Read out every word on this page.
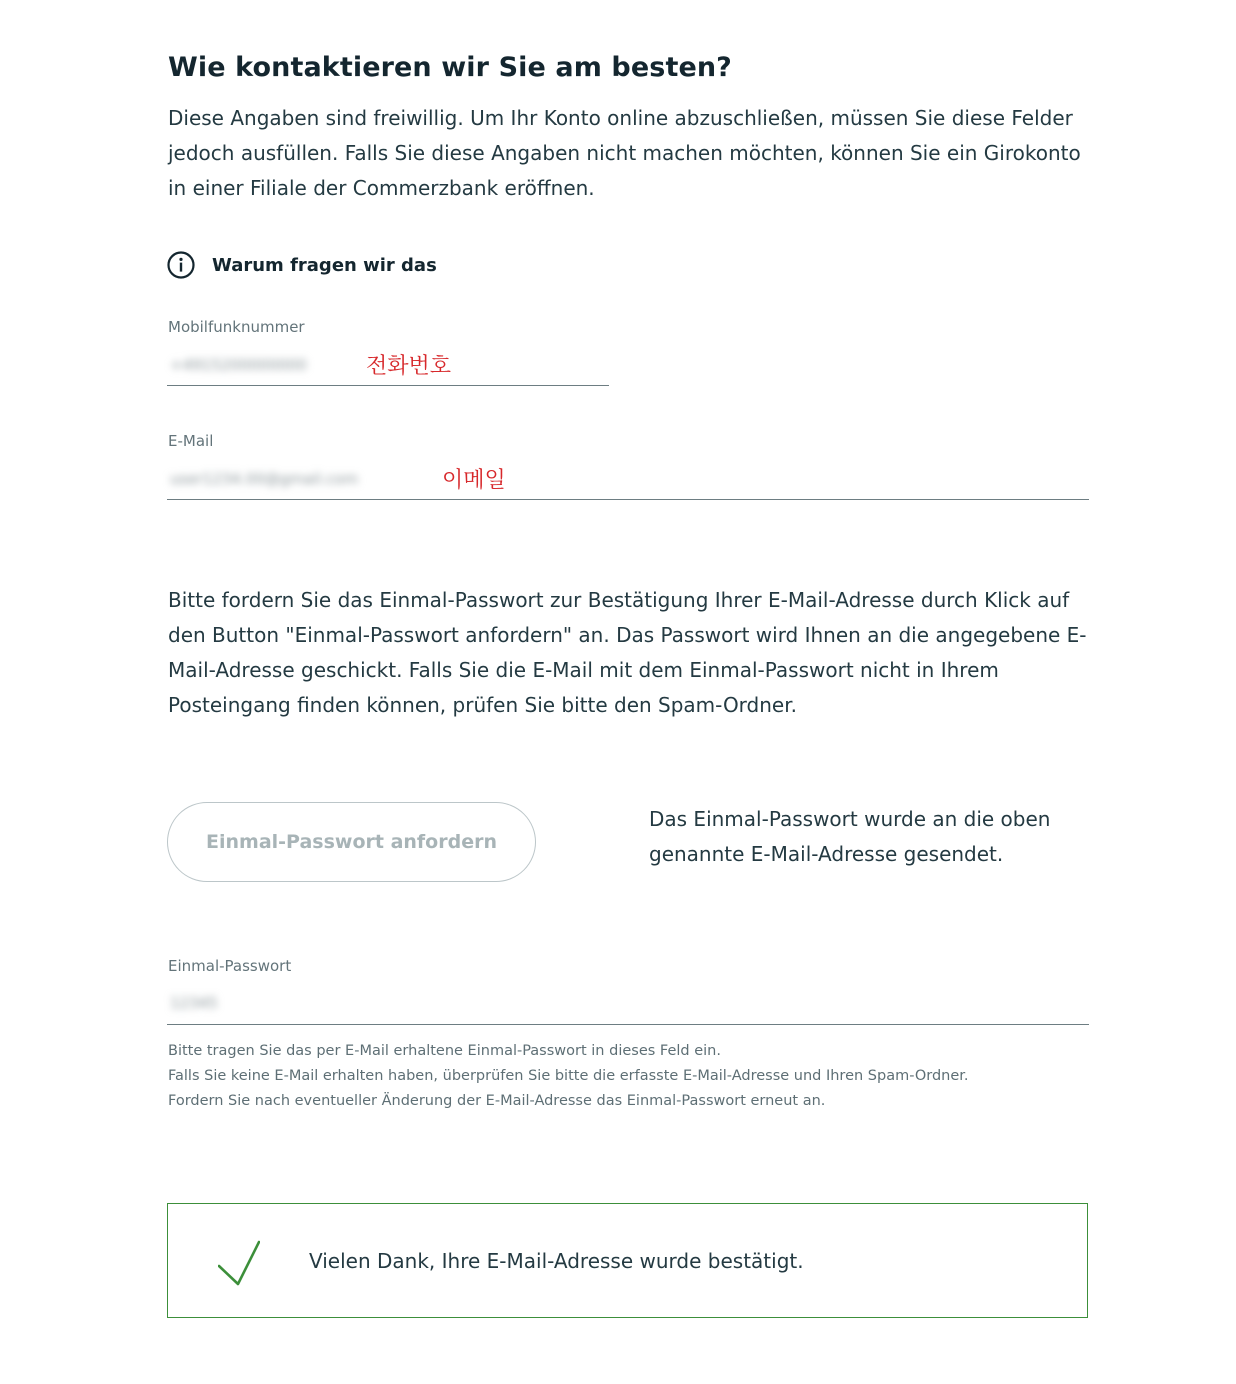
Wie kontaktieren wir Sie am besten?

Diese Angaben sind freiwillig. Um Ihr Konto online abzuschließen, müssen Sie diese Felder jedoch ausfüllen. Falls Sie diese Angaben nicht machen möchten, können Sie ein Girokonto in einer Filiale der Commerzbank eröffnen.

Warum fragen wir das
Mobilfunknummer
+4915200000000	전화번호
E-Mail
user1234.00@gmail.com	이메일

Bitte fordern Sie das Einmal-Passwort zur Bestätigung Ihrer E-Mail-Adresse durch Klick auf den Button "Einmal-Passwort anfordern" an. Das Passwort wird Ihnen an die angegebene E-Mail-Adresse geschickt. Falls Sie die E-Mail mit dem Einmal-Passwort nicht in Ihrem Posteingang finden können, prüfen Sie bitte den Spam-Ordner.

Einmal-Passwort anfordern

Das Einmal-Passwort wurde an die oben genannte E-Mail-Adresse gesendet.

Einmal-Passwort
12345
Bitte tragen Sie das per E-Mail erhaltene Einmal-Passwort in dieses Feld ein.
Falls Sie keine E-Mail erhalten haben, überprüfen Sie bitte die erfasste E-Mail-Adresse und Ihren Spam-Ordner.
Fordern Sie nach eventueller Änderung der E-Mail-Adresse das Einmal-Passwort erneut an.
Vielen Dank, Ihre E-Mail-Adresse wurde bestätigt.
